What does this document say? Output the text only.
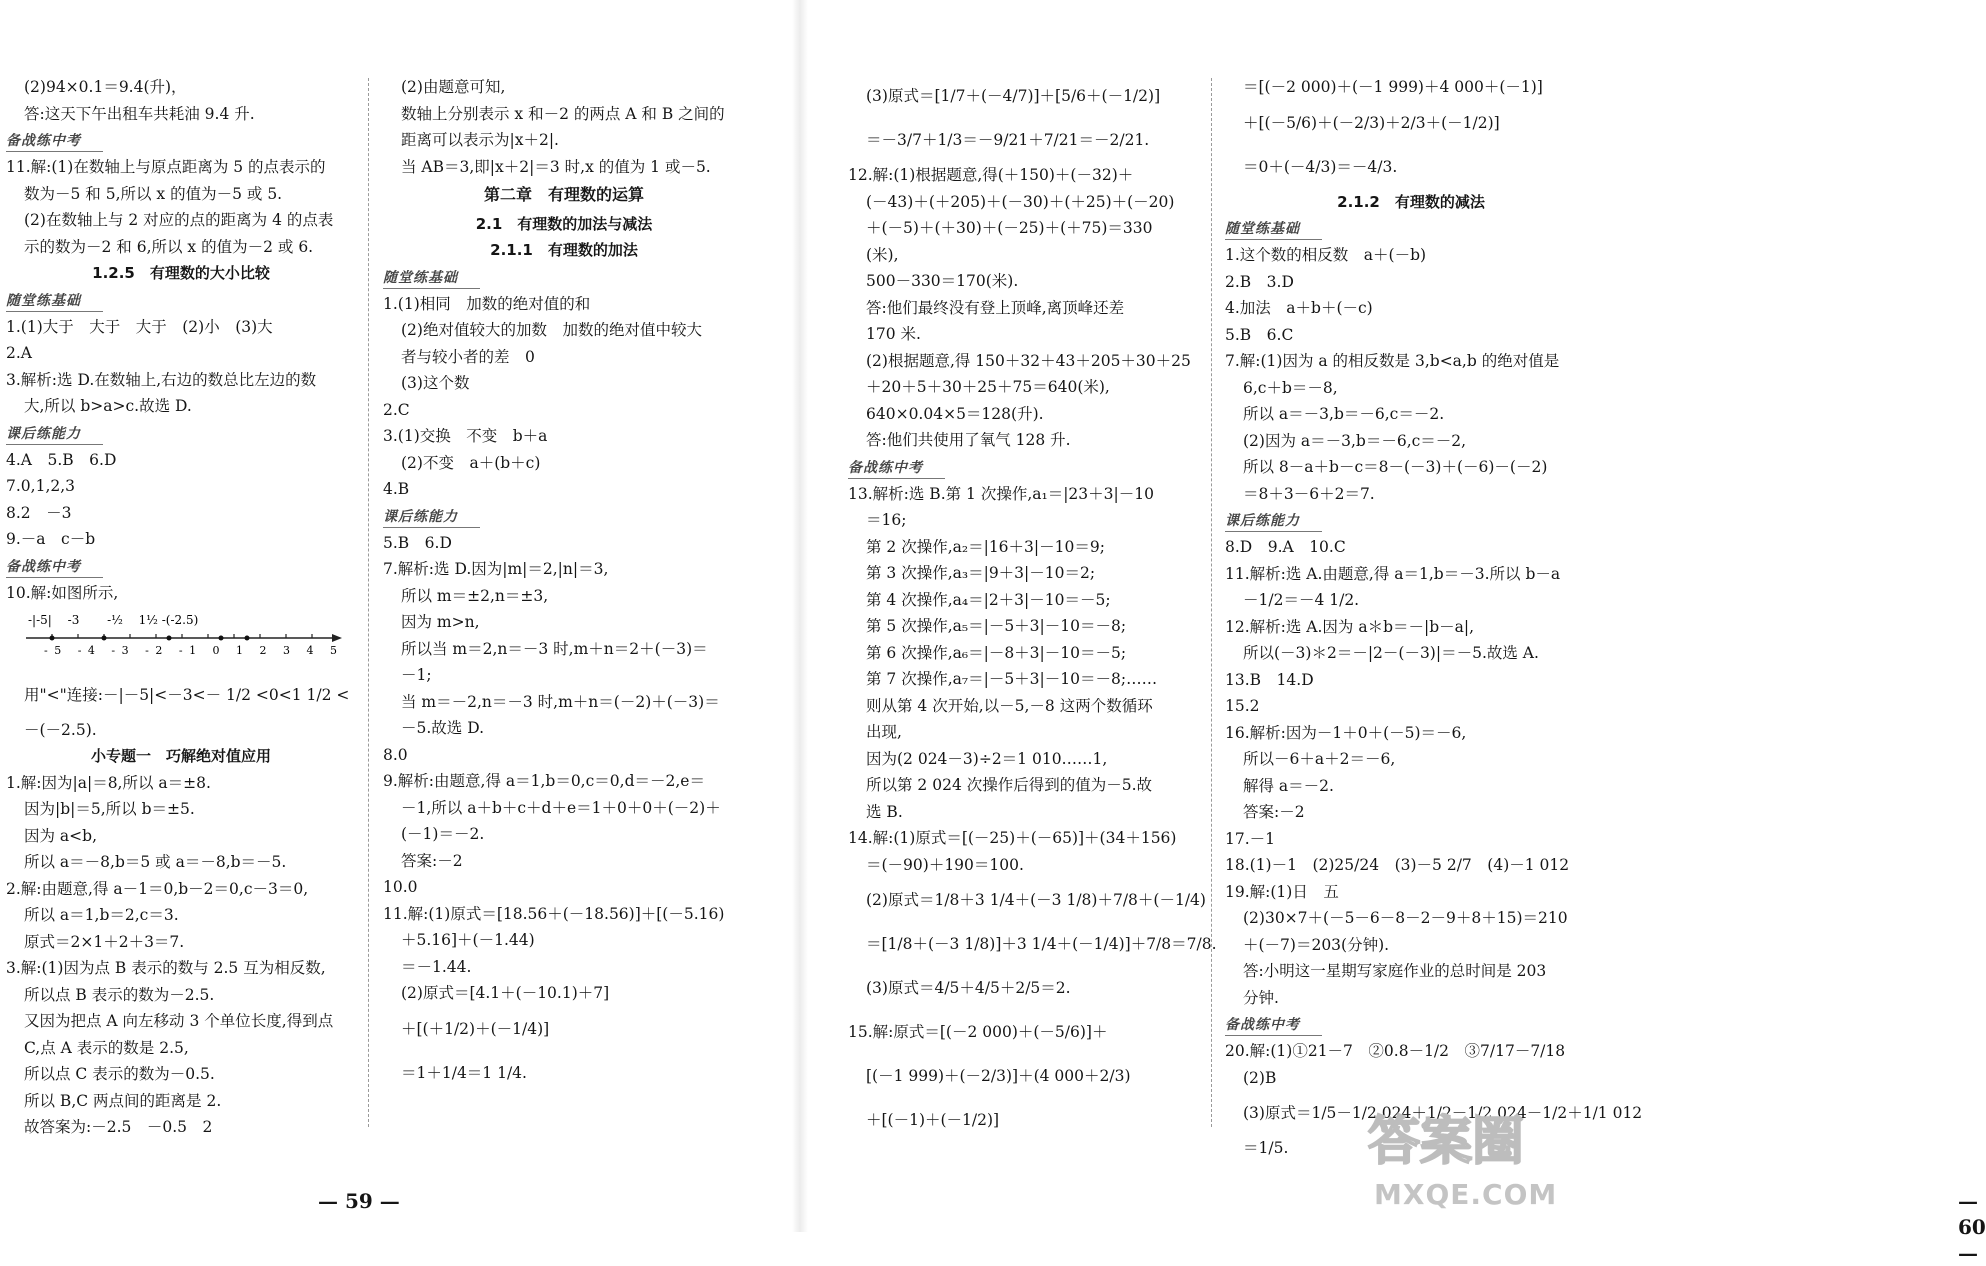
(2)94×0.1＝9.4(升)，
答:这天下午出租车共耗油 9.4 升.
备战练中考
11.解:(1)在数轴上与原点距离为 5 的点表示的
数为－5 和 5,所以 x 的值为－5 或 5.
(2)在数轴上与 2 对应的点的距离为 4 的点表
示的数为－2 和 6,所以 x 的值为－2 或 6.
1.2.5　有理数的大小比较
随堂练基础
1.(1)大于　大于　大于　(2)小　(3)大
2.A
3.解析:选 D.在数轴上,右边的数总比左边的数
大,所以 b>a>c.故选 D.
课后练能力
4.A　5.B　6.D
7.0,1,2,3
8.2　－3
9.－a　c－b
备战练中考
10.解:如图所示,
-|-5|　 -3　　 -½　 1½ -(-2.5)
-5 -4 -3 -2 -1 0 1 2 3 4 5
用"<"连接:－|－5|<－3<－ 1/2 <0<1 1/2 <
－(－2.5).
小专题一　巧解绝对值应用
1.解:因为|a|＝8,所以 a＝±8.
因为|b|＝5,所以 b＝±5.
因为 a<b,
所以 a＝－8,b＝5 或 a＝－8,b＝－5.
2.解:由题意,得 a－1＝0,b－2＝0,c－3＝0,
所以 a＝1,b＝2,c＝3.
原式＝2×1＋2＋3＝7.
3.解:(1)因为点 B 表示的数与 2.5 互为相反数,
所以点 B 表示的数为－2.5.
又因为把点 A 向左移动 3 个单位长度,得到点
C,点 A 表示的数是 2.5,
所以点 C 表示的数为－0.5.
所以 B,C 两点间的距离是 2.
故答案为:－2.5　－0.5　2
(2)由题意可知,
数轴上分别表示 x 和－2 的两点 A 和 B 之间的
距离可以表示为|x＋2|.
当 AB＝3,即|x＋2|＝3 时,x 的值为 1 或－5.
第二章　有理数的运算
2.1　有理数的加法与减法
2.1.1　有理数的加法
随堂练基础
1.(1)相同　加数的绝对值的和
(2)绝对值较大的加数　加数的绝对值中较大
者与较小者的差　0
(3)这个数
2.C
3.(1)交换　不变　b＋a
(2)不变　a＋(b＋c)
4.B
课后练能力
5.B　6.D
7.解析:选 D.因为|m|＝2,|n|＝3,
所以 m＝±2,n＝±3,
因为 m>n,
所以当 m＝2,n＝－3 时,m＋n＝2＋(－3)＝
－1;
当 m＝－2,n＝－3 时,m＋n＝(－2)＋(－3)＝
－5.故选 D.
8.0
9.解析:由题意,得 a＝1,b＝0,c＝0,d＝－2,e＝
－1,所以 a＋b＋c＋d＋e＝1＋0＋0＋(－2)＋
(－1)＝－2.
答案:－2
10.0
11.解:(1)原式＝[18.56＋(－18.56)]＋[(－5.16)
＋5.16]＋(－1.44)
＝－1.44.
(2)原式＝[4.1＋(－10.1)＋7]
＋[(＋1/2)＋(－1/4)]
＝1＋1/4＝1 1/4.
— 59 —
(3)原式＝[1/7＋(－4/7)]＋[5/6＋(－1/2)]
＝－3/7＋1/3＝－9/21＋7/21＝－2/21.
12.解:(1)根据题意,得(＋150)＋(－32)＋
(－43)＋(＋205)＋(－30)＋(＋25)＋(－20)
＋(－5)＋(＋30)＋(－25)＋(＋75)＝330
(米),
500－330＝170(米).
答:他们最终没有登上顶峰,离顶峰还差
170 米.
(2)根据题意,得 150＋32＋43＋205＋30＋25
＋20＋5＋30＋25＋75＝640(米),
640×0.04×5＝128(升).
答:他们共使用了氧气 128 升.
备战练中考
13.解析:选 B.第 1 次操作,a₁＝|23＋3|－10
＝16;
第 2 次操作,a₂＝|16＋3|－10＝9;
第 3 次操作,a₃＝|9＋3|－10＝2;
第 4 次操作,a₄＝|2＋3|－10＝－5;
第 5 次操作,a₅＝|－5＋3|－10＝－8;
第 6 次操作,a₆＝|－8＋3|－10＝－5;
第 7 次操作,a₇＝|－5＋3|－10＝－8;……
则从第 4 次开始,以－5,－8 这两个数循环
出现,
因为(2 024－3)÷2＝1 010……1,
所以第 2 024 次操作后得到的值为－5.故
选 B.
14.解:(1)原式＝[(－25)＋(－65)]＋(34＋156)
＝(－90)＋190＝100.
(2)原式＝1/8＋3 1/4＋(－3 1/8)＋7/8＋(－1/4)
＝[1/8＋(－3 1/8)]＋3 1/4＋(－1/4)]＋7/8＝7/8.
(3)原式＝4/5＋4/5＋2/5＝2.
15.解:原式＝[(－2 000)＋(－5/6)]＋
[(－1 999)＋(－2/3)]＋(4 000＋2/3)
＋[(－1)＋(－1/2)]
＝[(－2 000)＋(－1 999)＋4 000＋(－1)]
＋[(－5/6)＋(－2/3)＋2/3＋(－1/2)]
＝0＋(－4/3)＝－4/3.
2.1.2　有理数的减法
随堂练基础
1.这个数的相反数　a＋(－b)
2.B　3.D
4.加法　a＋b＋(－c)
5.B　6.C
7.解:(1)因为 a 的相反数是 3,b<a,b 的绝对值是
6,c＋b＝－8,
所以 a＝－3,b＝－6,c＝－2.
(2)因为 a＝－3,b＝－6,c＝－2,
所以 8－a＋b－c＝8－(－3)＋(－6)－(－2)
＝8＋3－6＋2＝7.
课后练能力
8.D　9.A　10.C
11.解析:选 A.由题意,得 a＝1,b＝－3.所以 b－a
－1/2＝－4 1/2.
12.解析:选 A.因为 a＊b＝－|b－a|,
所以(－3)＊2＝－|2－(－3)|＝－5.故选 A.
13.B　14.D
15.2
16.解析:因为－1＋0＋(－5)＝－6,
所以－6＋a＋2＝－6,
解得 a＝－2.
答案:－2
17.－1
18.(1)－1　(2)25/24　(3)－5 2/7　(4)－1 012
19.解:(1)日　五
(2)30×7＋(－5－6－8－2－9＋8＋15)＝210
＋(－7)＝203(分钟).
答:小明这一星期写家庭作业的总时间是 203
分钟.
备战练中考
20.解:(1)①21－7　②0.8－1/2　③7/17－7/18
(2)B
(3)原式＝1/5－1/2 024＋1/2－1/2 024－1/2＋1/1 012
＝1/5.
— 60 —
答案圈
MXQE.COM
